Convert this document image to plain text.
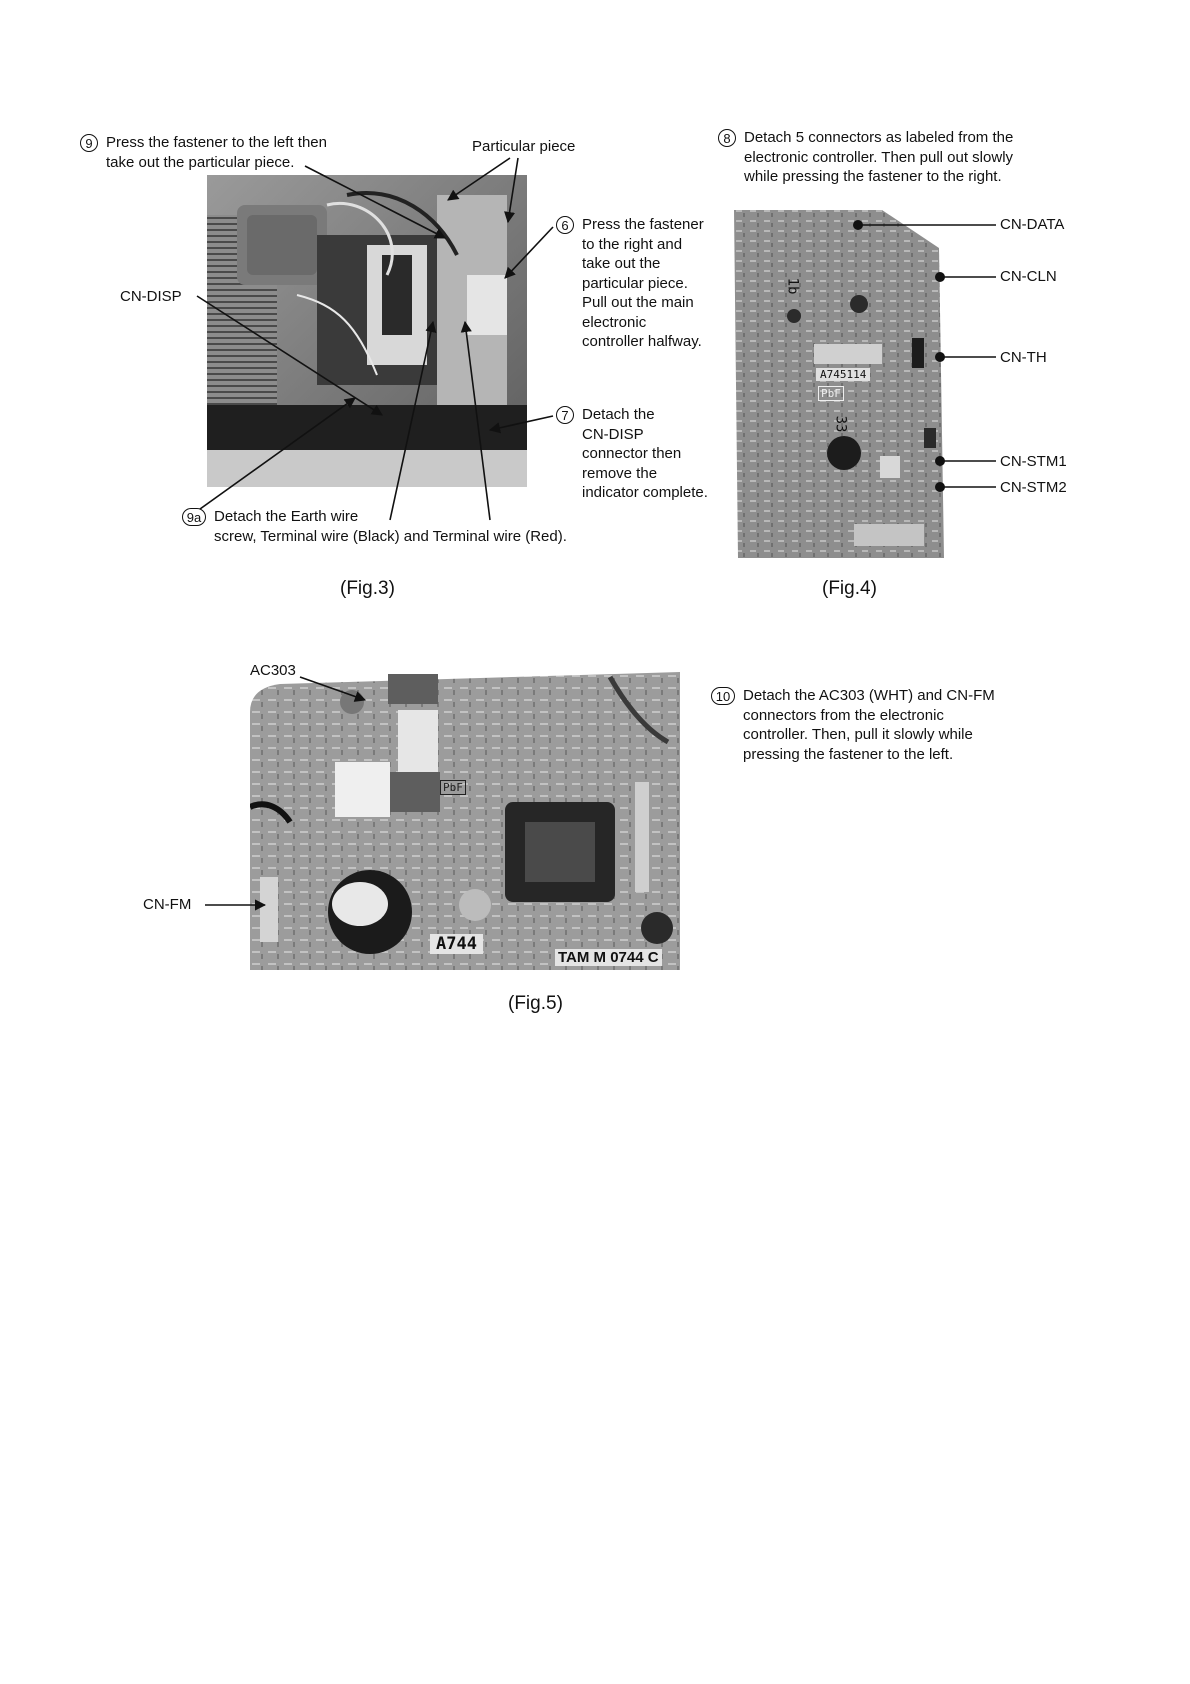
9 Press the fastener to the left then
take out the particular piece.
Particular piece
6 Press the fastener
to the right and
take out the
particular piece.
Pull out the main
electronic
controller halfway.
CN-DISP
7 Detach the
CN-DISP
connector then
remove the
indicator complete.
9a Detach the Earth wire
screw, Terminal wire (Black) and Terminal wire (Red).
(Fig.3)
8 Detach 5 connectors as labeled from the
electronic controller. Then pull out slowly
while pressing the fastener to the right.
A745114
PbF
1b
33
CN-DATA
CN-CLN
CN-TH
CN-STM1
CN-STM2
(Fig.4)
AC303
A744
TAM M 0744 C
PbF
CN-FM
10 Detach the AC303 (WHT) and CN-FM
connectors from the electronic
controller. Then, pull it slowly while
pressing the fastener to the left.
(Fig.5)
